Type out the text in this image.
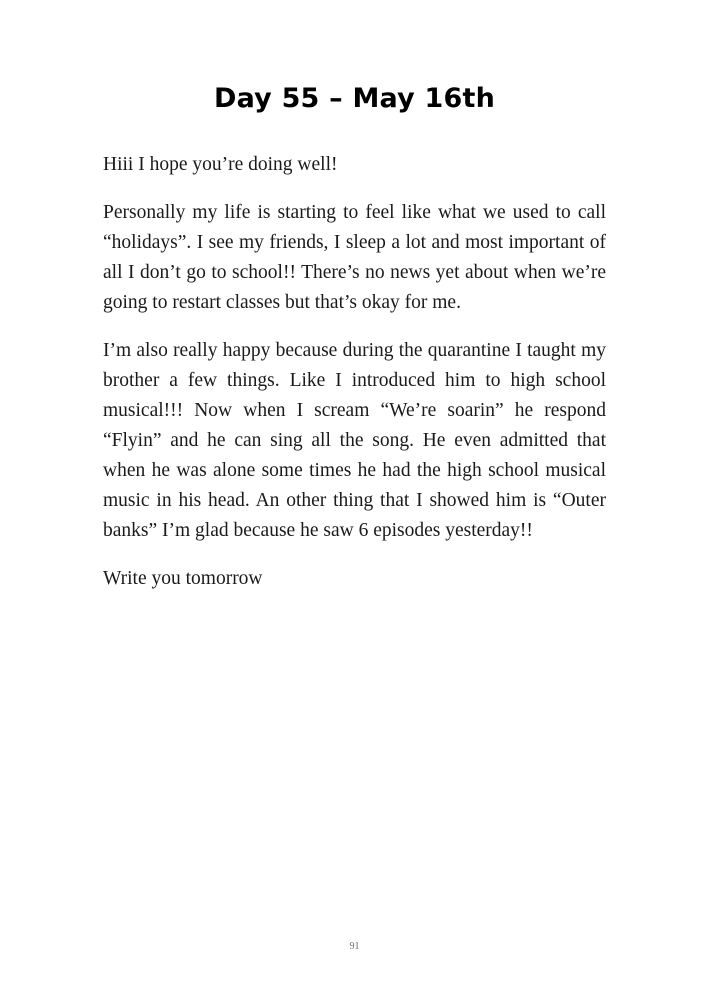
Day 55 – May 16th

Hiii I hope you’re doing well!

Personally my life is starting to feel like what we used to call “holidays”. I see my friends, I sleep a lot and most important of all I don’t go to school!! There’s no news yet about when we’re going to restart classes but that’s okay for me.

I’m also really happy because during the quarantine I taught my brother a few things. Like I introduced him to high school musical!!! Now when I scream “We’re soarin” he respond “Flyin” and he can sing all the song. He even admitted that when he was alone some times he had the high school musical music in his head. An other thing that I showed him is “Outer banks” I’m glad because he saw 6 episodes yesterday!!

Write you tomorrow

91
